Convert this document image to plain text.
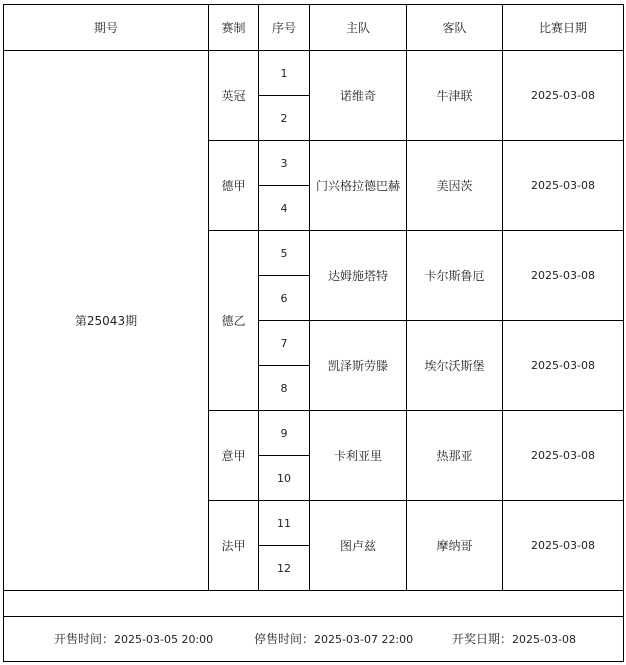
期号	赛制	序号	主队	客队	比赛日期
第25043期	英冠	1	诺维奇	牛津联	2025-03-08
		2			
	德甲	3	门兴格拉德巴赫	美因茨	2025-03-08
		4			
	德乙	5	达姆施塔特	卡尔斯鲁厄	2025-03-08
		6			
		7	凯泽斯劳滕	埃尔沃斯堡	2025-03-08
		8			
	意甲	9	卡利亚里	热那亚	2025-03-08
		10			
	法甲	11	图卢兹	摩纳哥	2025-03-08
		12			

开售时间：2025-03-05 20:00 停售时间：2025-03-07 22:00 开奖日期：2025-03-08					
